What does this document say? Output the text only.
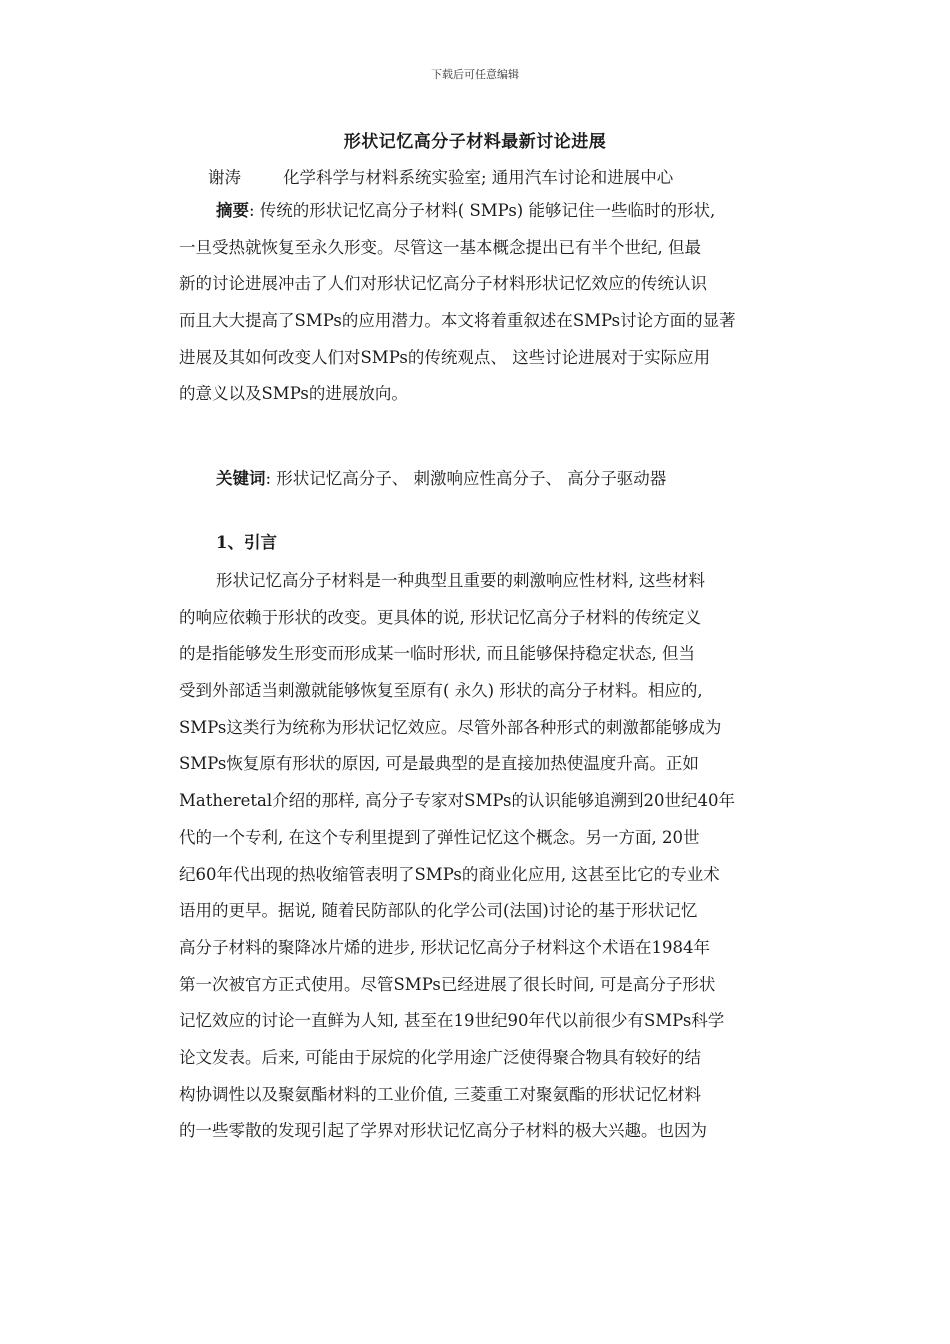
下载后可任意编辑
形状记忆高分子材料最新讨论进展
谢涛	化学科学与材料系统实验室; 通用汽车讨论和进展中心
摘要: 传统的形状记忆高分子材料( SMPs) 能够记住一些临时的形状,
一旦受热就恢复至永久形变。尽管这一基本概念提出已有半个世纪, 但最
新的讨论进展冲击了人们对形状记忆高分子材料形状记忆效应的传统认识
而且大大提高了SMPs的应用潜力。本文将着重叙述在SMPs讨论方面的显著
进展及其如何改变人们对SMPs的传统观点、 这些讨论进展对于实际应用
的意义以及SMPs的进展放向。
关键词: 形状记忆高分子、 刺激响应性高分子、 高分子驱动器
1、引言
形状记忆高分子材料是一种典型且重要的刺激响应性材料, 这些材料
的响应依赖于形状的改变。更具体的说, 形状记忆高分子材料的传统定义
的是指能够发生形变而形成某一临时形状, 而且能够保持稳定状态, 但当
受到外部适当刺激就能够恢复至原有( 永久) 形状的高分子材料。相应的,
SMPs这类行为统称为形状记忆效应。尽管外部各种形式的刺激都能够成为
SMPs恢复原有形状的原因, 可是最典型的是直接加热使温度升高。正如
Matheretal介绍的那样, 高分子专家对SMPs的认识能够追溯到20世纪40年
代的一个专利, 在这个专利里提到了弹性记忆这个概念。另一方面, 20世
纪60年代出现的热收缩管表明了SMPs的商业化应用, 这甚至比它的专业术
语用的更早。据说, 随着民防部队的化学公司(法国)讨论的基于形状记忆
高分子材料的聚降冰片烯的进步, 形状记忆高分子材料这个术语在1984年
第一次被官方正式使用。尽管SMPs已经进展了很长时间, 可是高分子形状
记忆效应的讨论一直鲜为人知, 甚至在19世纪90年代以前很少有SMPs科学
论文发表。后来, 可能由于尿烷的化学用途广泛使得聚合物具有较好的结
构协调性以及聚氨酯材料的工业价值, 三菱重工对聚氨酯的形状记忆材料
的一些零散的发现引起了学界对形状记忆高分子材料的极大兴趣。也因为
